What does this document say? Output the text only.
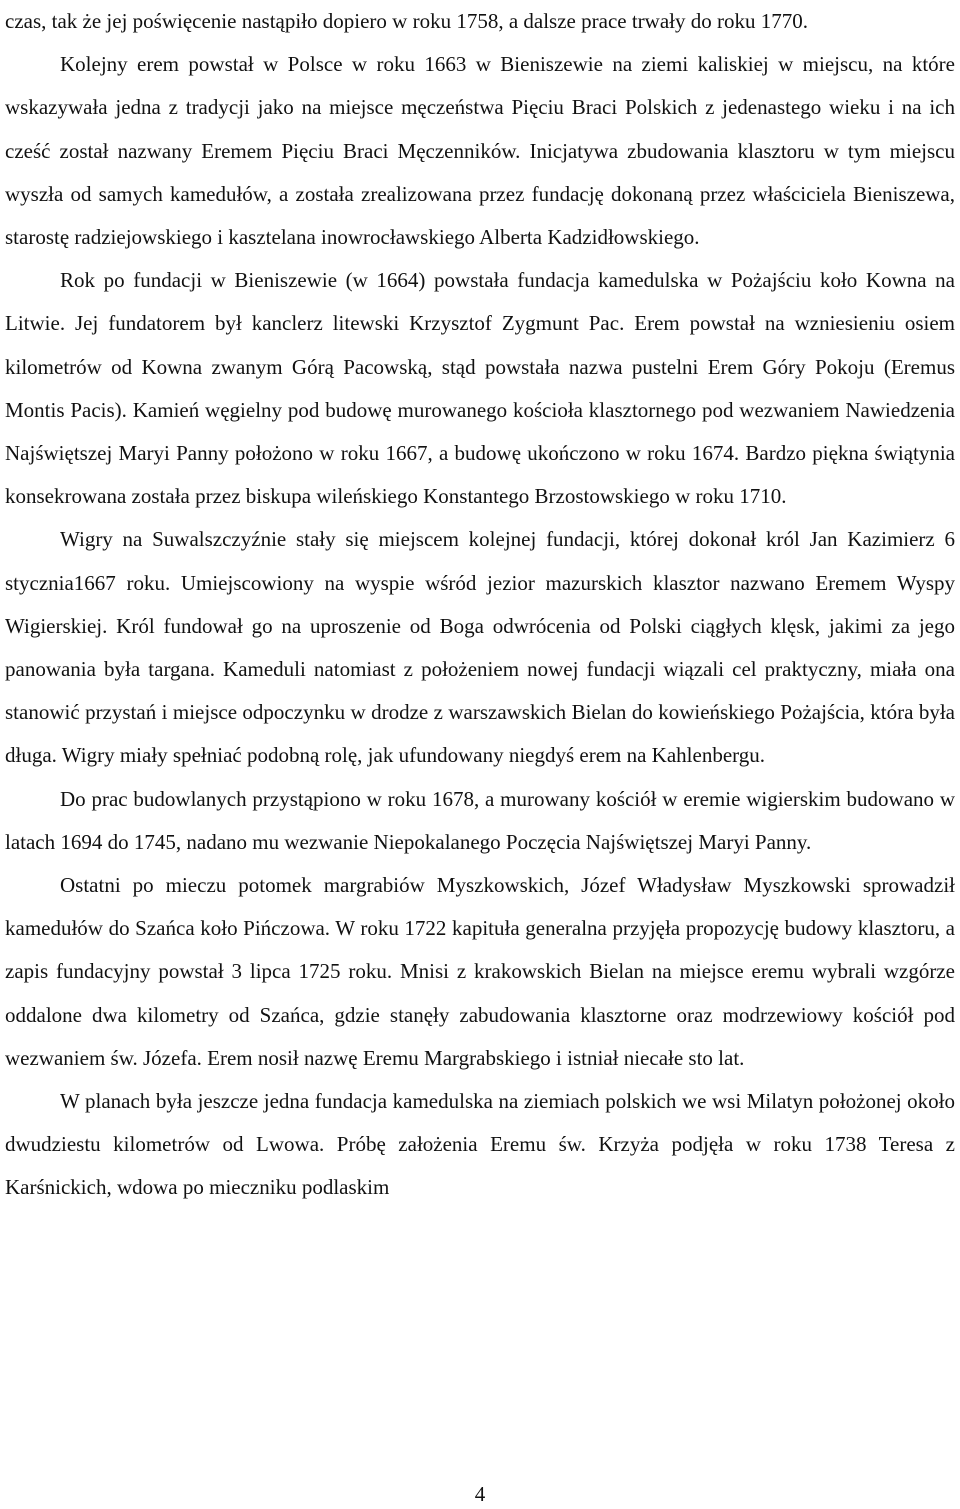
czas, tak że jej poświęcenie nastąpiło dopiero w roku 1758, a dalsze prace trwały do roku 1770.

Kolejny erem powstał w Polsce w roku 1663 w Bieniszewie na ziemi kaliskiej w miejscu, na które wskazywała jedna z tradycji jako na miejsce męczeństwa Pięciu Braci Polskich z jedenastego wieku i na ich cześć został nazwany Eremem Pięciu Braci Męczenników. Inicjatywa zbudowania klasztoru w tym miejscu wyszła od samych kamedułów, a została zrealizowana przez fundację dokonaną przez właściciela Bieniszewa, starostę radziejowskiego i kasztelana inowrocławskiego Alberta Kadzidłowskiego.

Rok po fundacji w Bieniszewie (w 1664) powstała fundacja kamedulska w Pożajściu koło Kowna na Litwie. Jej fundatorem był kanclerz litewski Krzysztof Zygmunt Pac. Erem powstał na wzniesieniu osiem kilometrów od Kowna zwanym Górą Pacowską, stąd powstała nazwa pustelni Erem Góry Pokoju (Eremus Montis Pacis). Kamień węgielny pod budowę murowanego kościoła klasztornego pod wezwaniem Nawiedzenia Najświętszej Maryi Panny położono w roku 1667, a budowę ukończono w roku 1674. Bardzo piękna świątynia konsekrowana została przez biskupa wileńskiego Konstantego Brzostowskiego w roku 1710.

Wigry na Suwalszczyźnie stały się miejscem kolejnej fundacji, której dokonał król Jan Kazimierz 6 stycznia1667 roku. Umiejscowiony na wyspie wśród jezior mazurskich klasztor nazwano Eremem Wyspy Wigierskiej. Król fundował go na uproszenie od Boga odwrócenia od Polski ciągłych klęsk, jakimi za jego panowania była targana. Kameduli natomiast z położeniem nowej fundacji wiązali cel praktyczny, miała ona stanowić przystań i miejsce odpoczynku w drodze z warszawskich Bielan do kowieńskiego Pożajścia, która była długa. Wigry miały spełniać podobną rolę, jak ufundowany niegdyś erem na Kahlenbergu.

Do prac budowlanych przystąpiono w roku 1678, a murowany kościół w eremie wigierskim budowano w latach 1694 do 1745, nadano mu wezwanie Niepokalanego Poczęcia Najświętszej Maryi Panny.

Ostatni po mieczu potomek margrabiów Myszkowskich, Józef Władysław Myszkowski sprowadził kamedułów do Szańca koło Pińczowa. W roku 1722 kapituła generalna przyjęła propozycję budowy klasztoru, a zapis fundacyjny powstał 3 lipca 1725 roku. Mnisi z krakowskich Bielan na miejsce eremu wybrali wzgórze oddalone dwa kilometry od Szańca, gdzie stanęły zabudowania klasztorne oraz modrzewiowy kościół pod wezwaniem św. Józefa. Erem nosił nazwę Eremu Margrabskiego i istniał niecałe sto lat.

W planach była jeszcze jedna fundacja kamedulska na ziemiach polskich we wsi Milatyn położonej około dwudziestu kilometrów od Lwowa. Próbę założenia Eremu św. Krzyża podjęła w roku 1738 Teresa z Karśnickich, wdowa po mieczniku podlaskim

4
